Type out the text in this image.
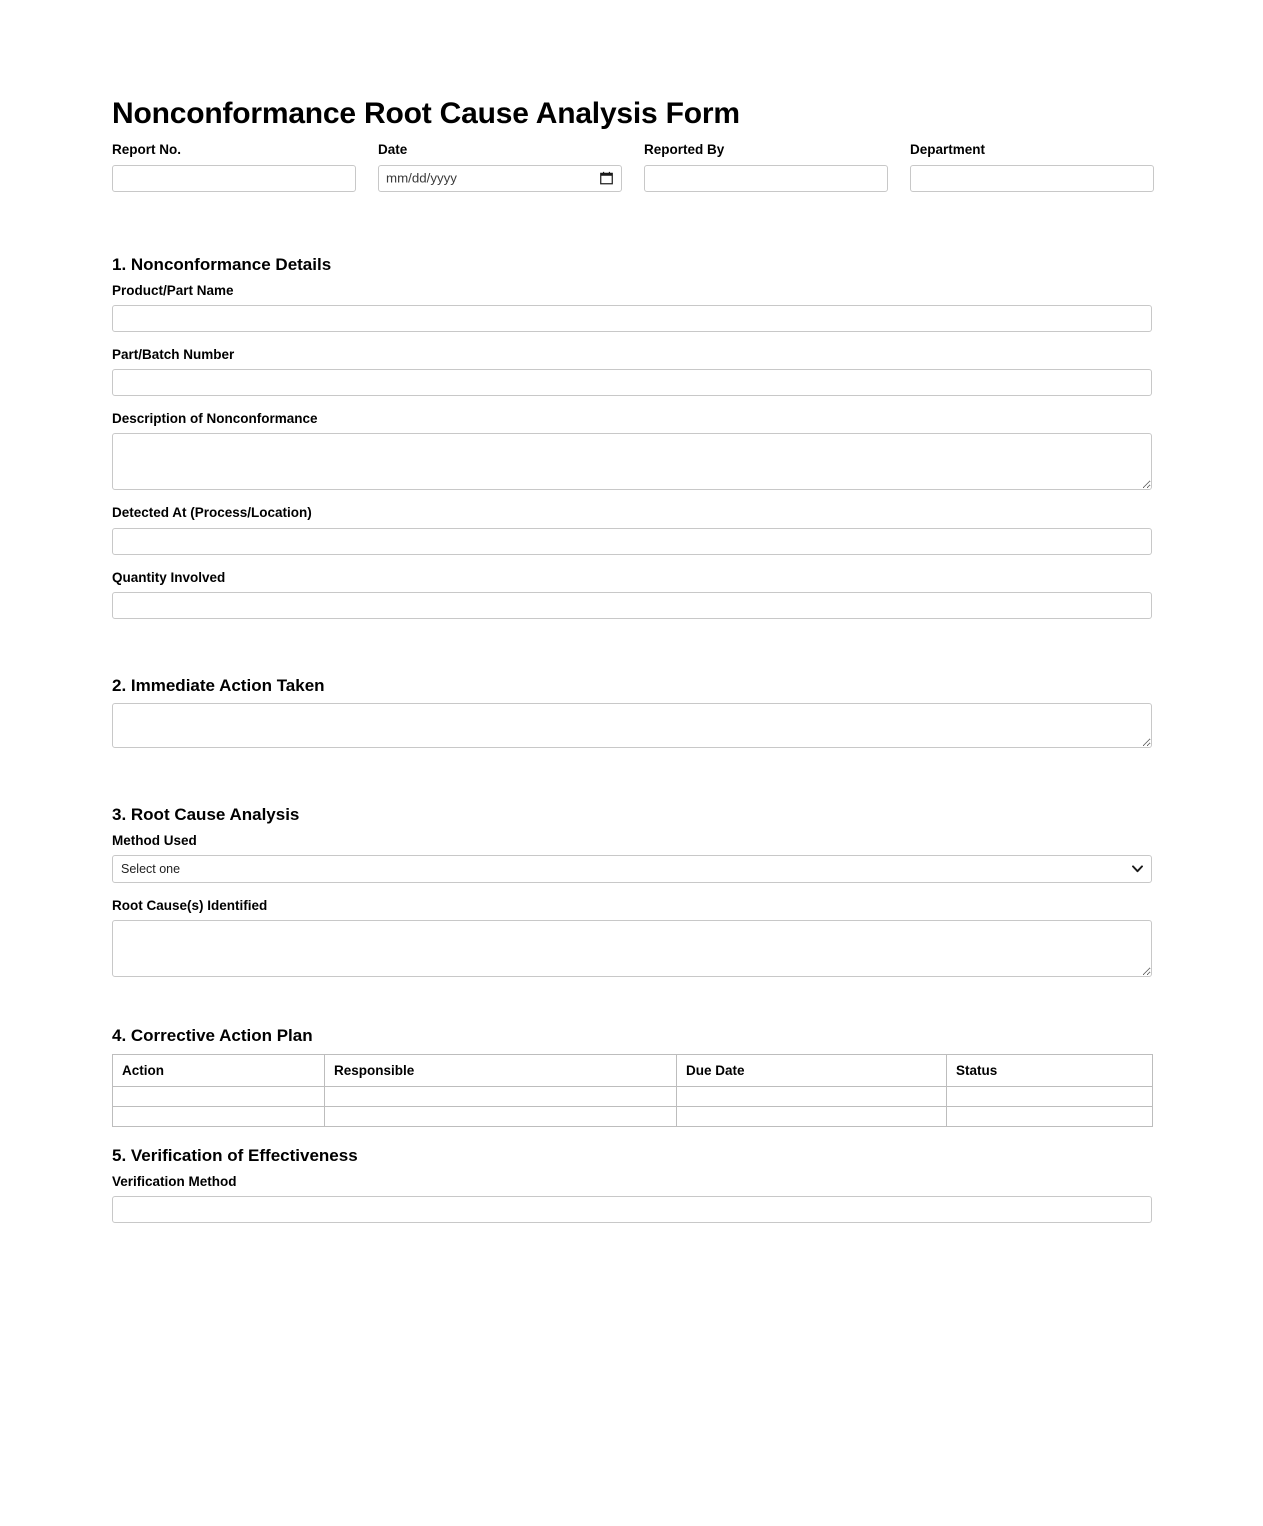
Nonconformance Root Cause Analysis Form
Report No.	Date
mm/dd/yyyy
Reported By	Department
1. Nonconformance Details
Product/Part Name
Part/Batch Number
Description of Nonconformance
Detected At (Process/Location)
Quantity Involved
2. Immediate Action Taken
3. Root Cause Analysis
Method Used
Select one
Root Cause(s) Identified
4. Corrective Action Plan
Action	Responsible	Due Date	Status

5. Verification of Effectiveness
Verification Method
